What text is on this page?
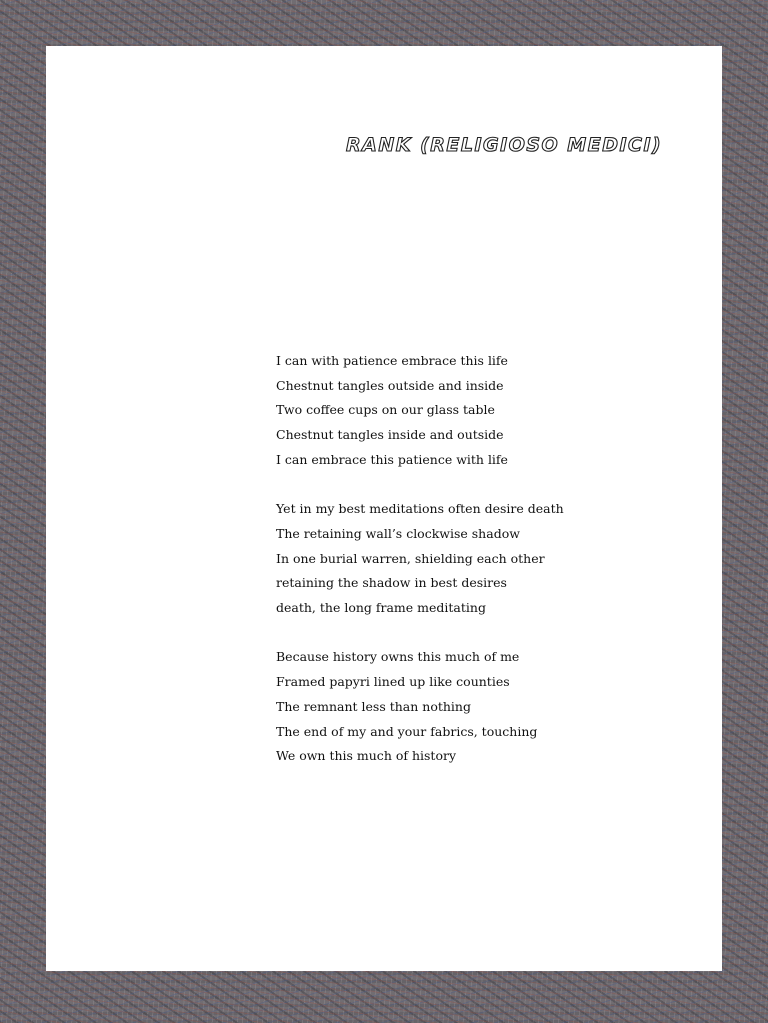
RANK (RELIGIOSO MEDICI)

I can with patience embrace this life
Chestnut tangles outside and inside
Two coffee cups on our glass table
Chestnut tangles inside and outside
I can embrace this patience with life

Yet in my best meditations often desire death
The retaining wall’s clockwise shadow
In one burial warren, shielding each other
retaining the shadow in best desires
death, the long frame meditating

Because history owns this much of me
Framed papyri lined up like counties
The remnant less than nothing
The end of my and your fabrics, touching
We own this much of history
